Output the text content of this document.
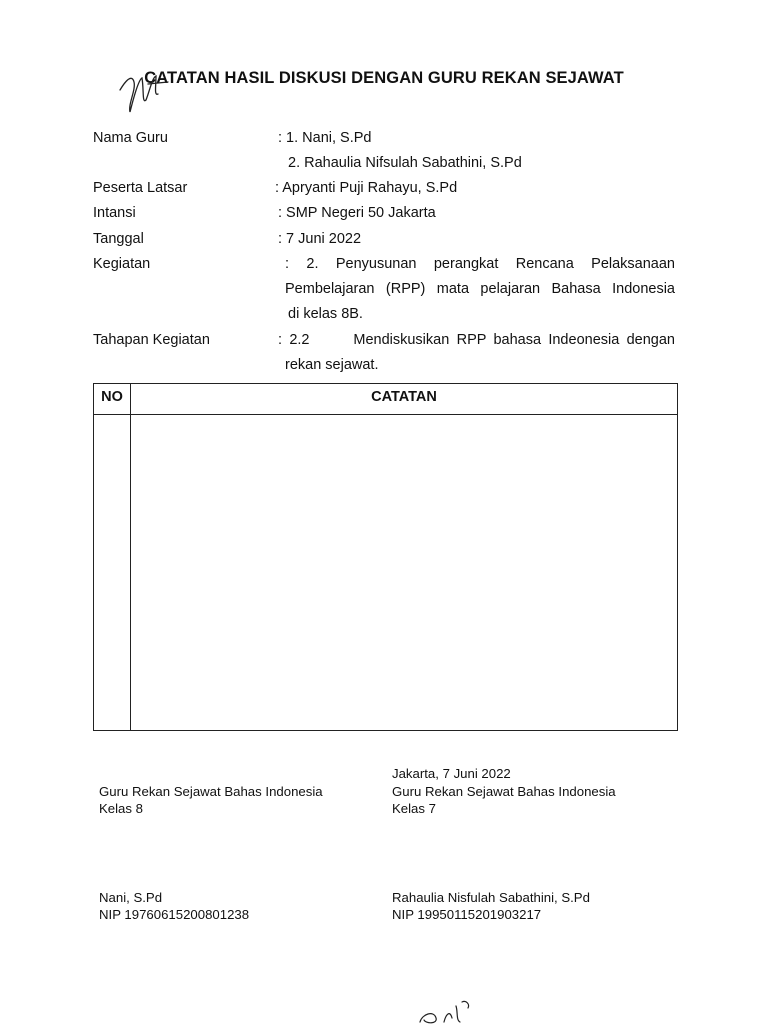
CATATAN HASIL DISKUSI DENGAN GURU REKAN SEJAWAT
Nama Guru	: 1. Nani, S.Pd
2. Rahaulia Nifsulah Sabathini, S.Pd
Peserta Latsar	: Apryanti Puji Rahayu, S.Pd
Intansi	: SMP Negeri 50 Jakarta
Tanggal	: 7 Juni 2022
Kegiatan	: 2. Penyusunan perangkat Rencana Pelaksanaan
Pembelajaran (RPP) mata pelajaran Bahasa Indonesia
di kelas 8B.
Tahapan Kegiatan	: 2.2      Mendiskusikan RPP bahasa Indeonesia dengan
rekan sejawat.
NO	CATATAN
Jakarta, 7 Juni 2022
Guru Rekan Sejawat Bahas Indonesia
Kelas 8
Nani, S.Pd
NIP 19760615200801238
Guru Rekan Sejawat Bahas Indonesia
Kelas 7
Rahaulia Nisfulah Sabathini, S.Pd
NIP 19950115201903217
